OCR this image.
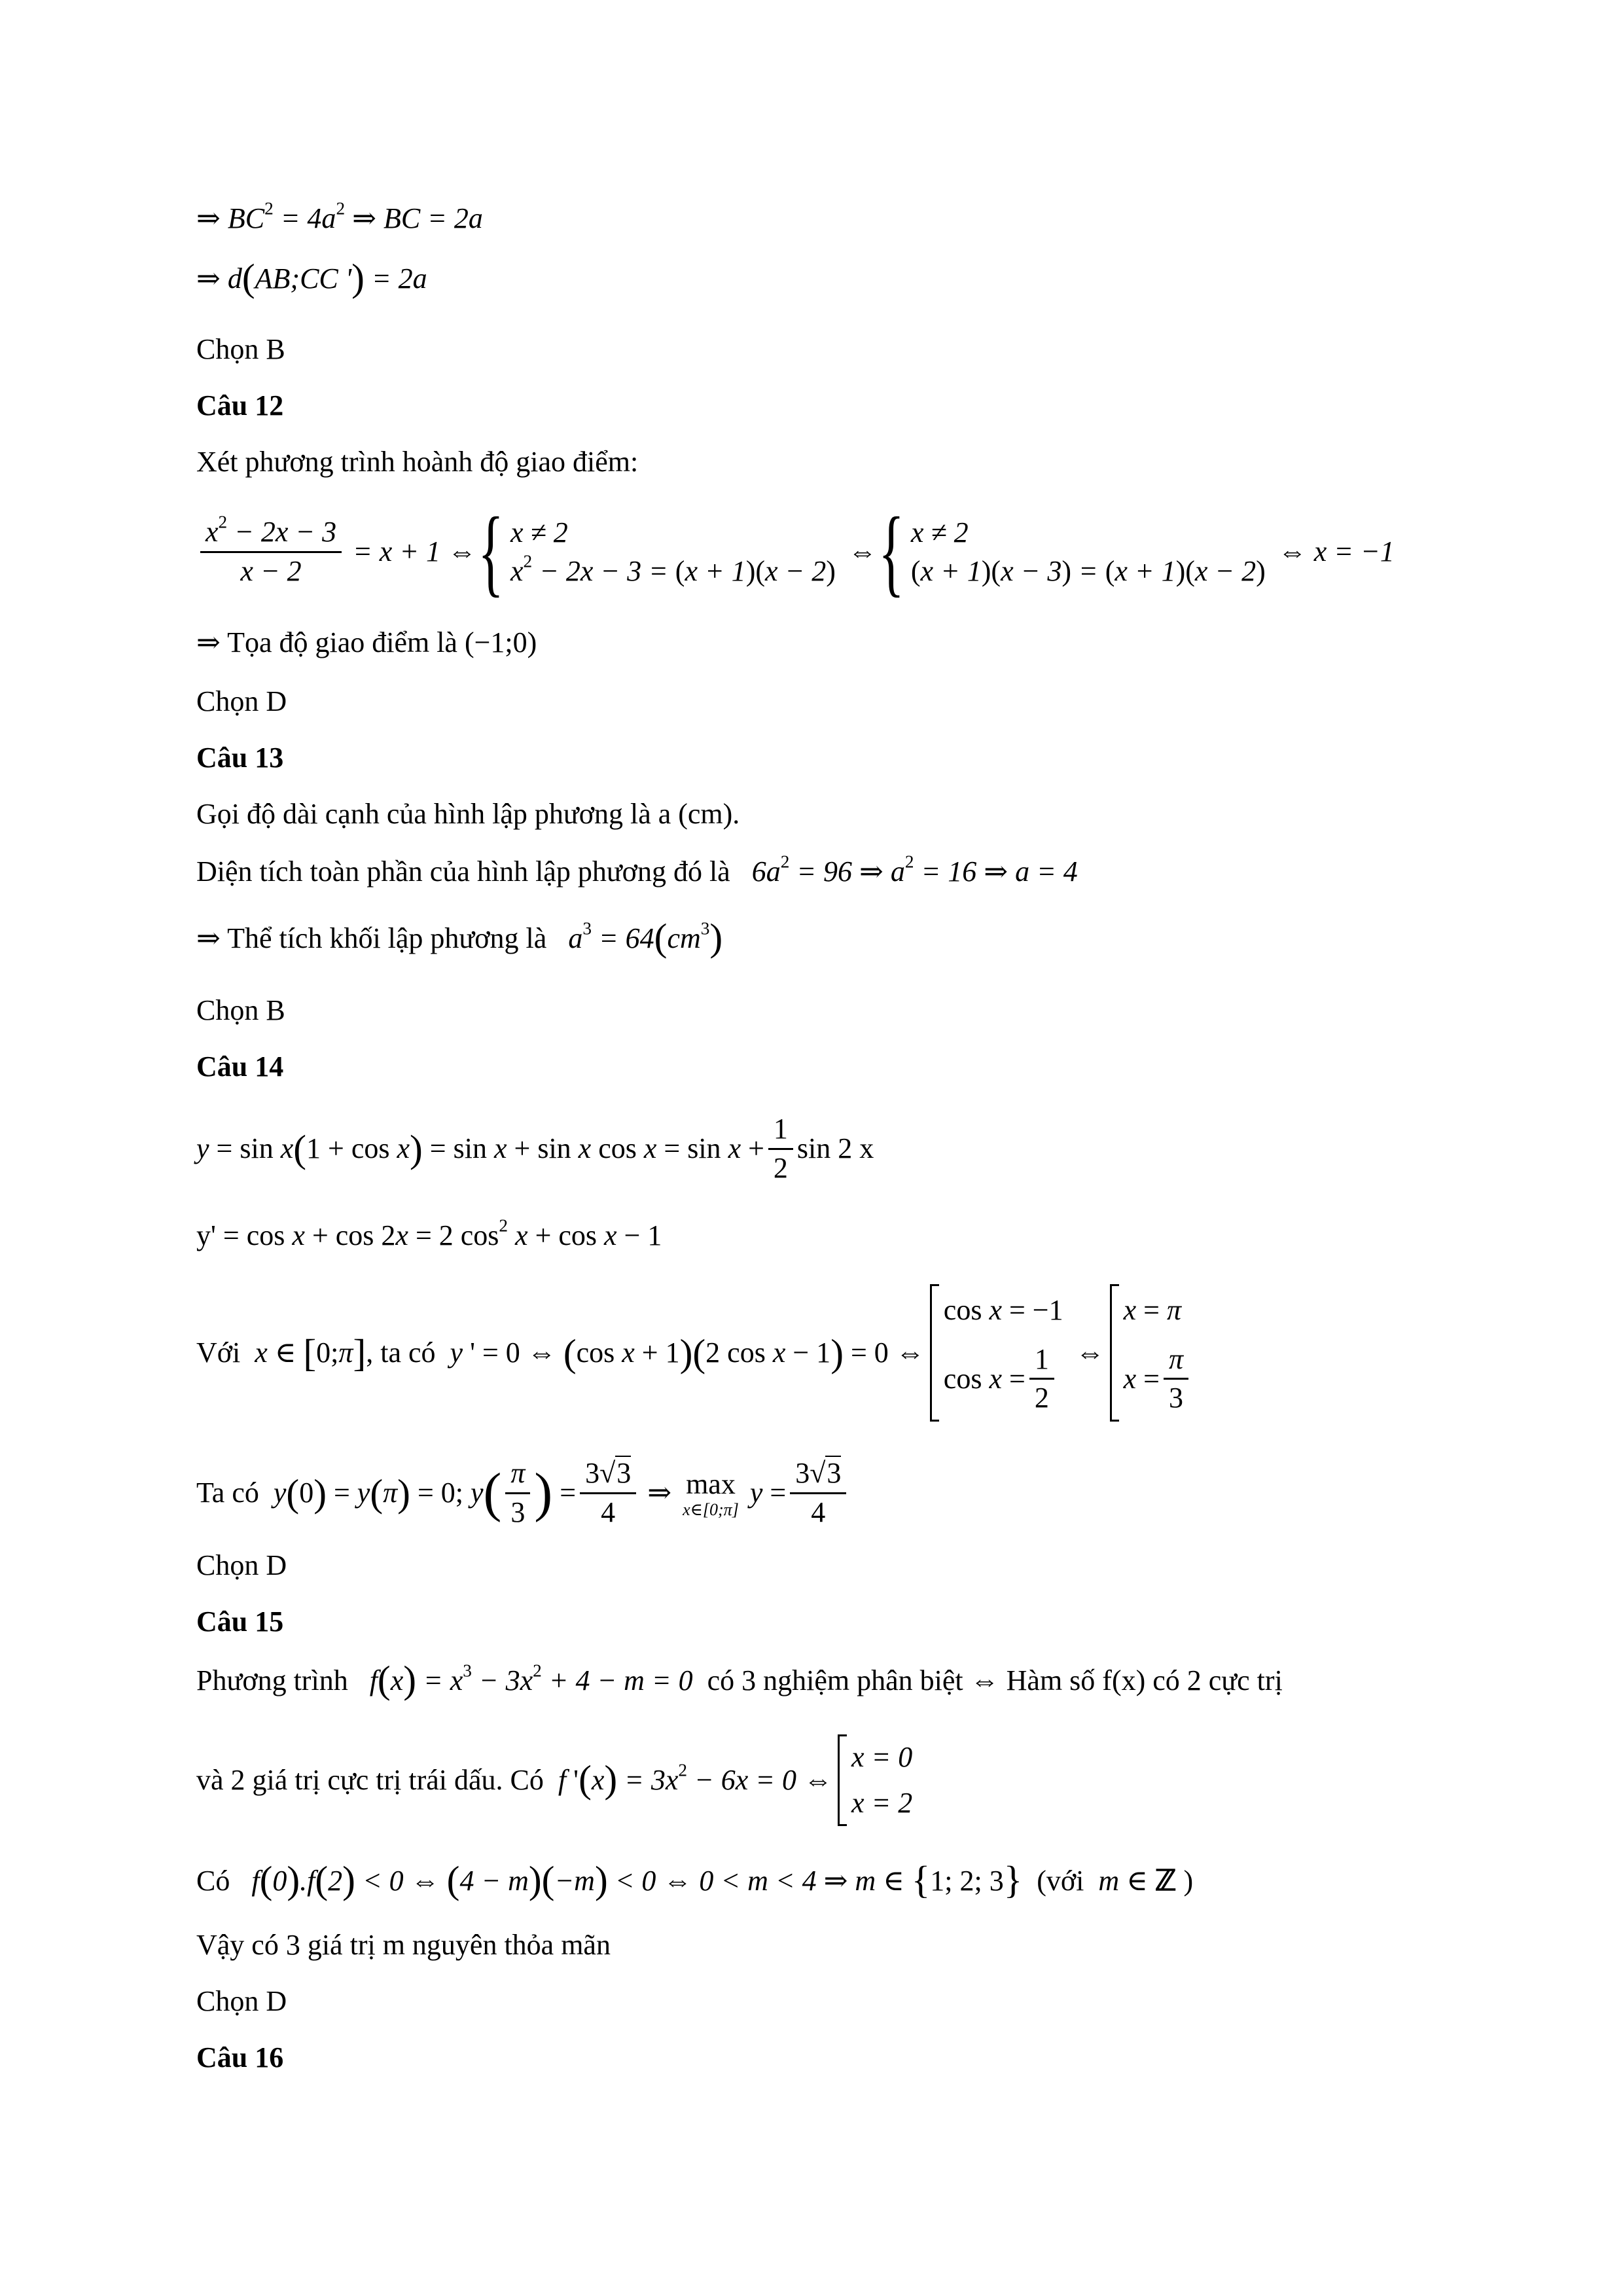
⇒ $BC^2 = 4a^2$ ⇒ BC = 2a
⇒ d(AB;CC ') = 2a
Chọn B
Câu 12
Xét phương trình hoành độ giao điểm:
$\frac{x^2 - 2x - 3}{x - 2} = x + 1$ ⇔ { x ≠ 2
$x^2 - 2x - 3 = (x + 1)(x - 2)$
⇔ { x ≠ 2
(x + 1)(x − 3) = (x + 1)(x − 2)
⇔ x = −1
⇒ Tọa độ giao điểm là (−1;0)
Chọn D
Câu 13
Gọi độ dài cạnh của hình lập phương là a (cm).
Diện tích toàn phần của hình lập phương đó là   $6a^2 = 96$ ⇒ $a^2 = 16$ ⇒ a = 4
⇒ Thể tích khối lập phương là   $a^3 = 64(cm^3)$
Chọn B
Câu 14
y = sin x ( 1 + cos x ) = sin x + sin x $\cos x = \sin x + \frac{1}{2}$ sin 2 x
y' = cos x + cos 2x = 2 $\cos^2 x + \cos x - 1$
Với x ∈ [ 0; π ] , ta có y ' = 0 ⇔ ( cos x + 1 )( 2 cos x − 1 ) = 0 ⇔
cos x = −1
$\cos x = \frac{1}{2}$ ⇔
x = π
$x = \frac{\pi}{3}$
Ta có y ( 0 ) = y ( π ) = 0; y ( $\frac{\pi}{3}$ ) = $\frac{3√3}{4}$ ⇒ max
x∈[0;π]
$y = \frac{3√3}{4}$
Chọn D
Câu 15
Phương trình   $f(x) = x^3 - 3x^2 + 4 - m = 0$  có 3 nghiệm phân biệt ⇔ Hàm số f(x) có 2 cực trị
và 2 giá trị cực trị trái dấu. Có f '$(x) = 3x^2 - 6x = 0$ ⇔
x = 0
x = 2
Có   f(0).f(2) < 0 ⇔ (4 − m)(−m) < 0 ⇔ 0 < m < 4 ⇒ m ∈ {1; 2; 3} (với  m ∈ ℤ )
Vậy có 3 giá trị m nguyên thỏa mãn
Chọn D
Câu 16
